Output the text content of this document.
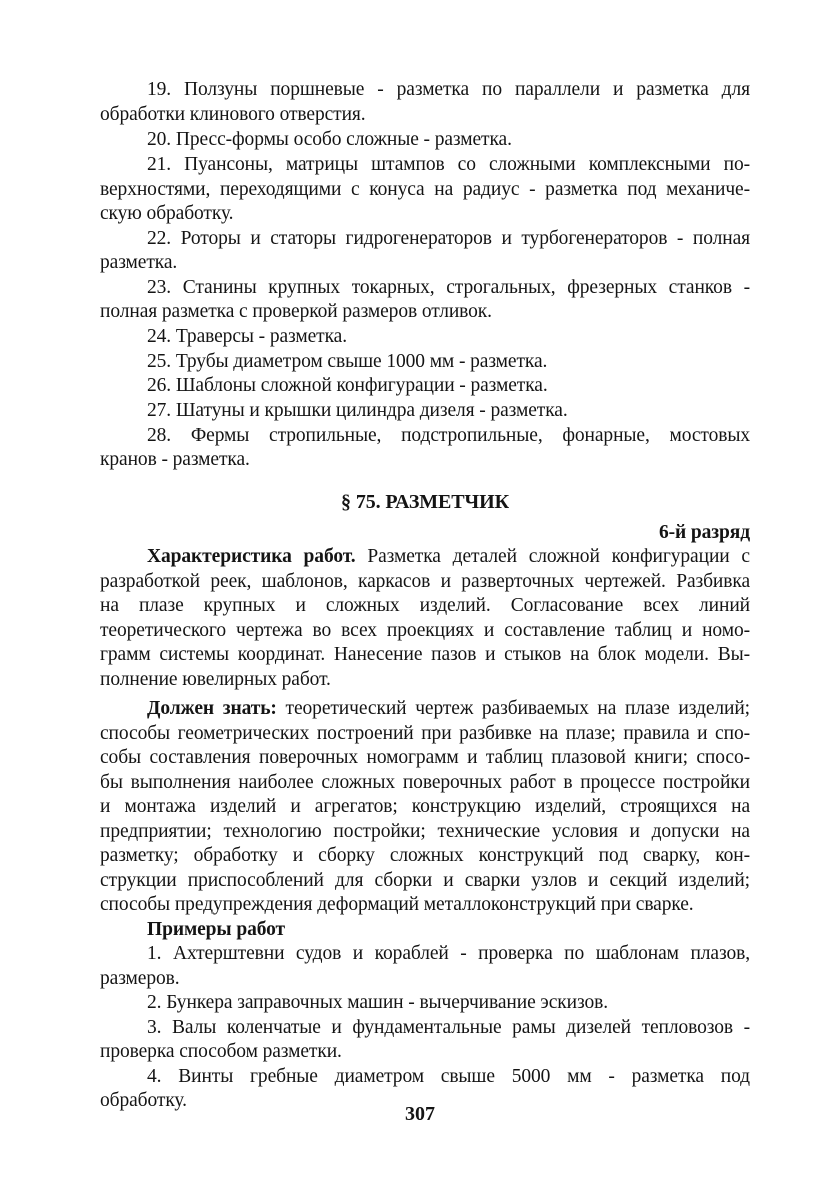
19. Ползуны поршневые - разметка по параллели и разметка для
обработки клинового отверстия.
20. Пресс-формы особо сложные - разметка.
21. Пуансоны, матрицы штампов со сложными комплексными по-
верхностями, переходящими с конуса на радиус - разметка под механиче-
скую обработку.
22. Роторы и статоры гидрогенераторов и турбогенераторов - полная
разметка.
23. Станины крупных токарных, строгальных, фрезерных станков -
полная разметка с проверкой размеров отливок.
24. Траверсы - разметка.
25. Трубы диаметром свыше 1000 мм - разметка.
26. Шаблоны сложной конфигурации - разметка.
27. Шатуны и крышки цилиндра дизеля - разметка.
28. Фермы стропильные, подстропильные, фонарные, мостовых
кранов - разметка.
§ 75. РАЗМЕТЧИК
6-й разряд
Характеристика работ. Разметка деталей сложной конфигурации с
разработкой реек, шаблонов, каркасов и разверточных чертежей. Разбивка
на плазе крупных и сложных изделий. Согласование всех линий
теоретического чертежа во всех проекциях и составление таблиц и номо-
грамм системы координат. Нанесение пазов и стыков на блок модели. Вы-
полнение ювелирных работ.
Должен знать: теоретический чертеж разбиваемых на плазе изделий;
способы геометрических построений при разбивке на плазе; правила и спо-
собы составления поверочных номограмм и таблиц плазовой книги; спосо-
бы выполнения наиболее сложных поверочных работ в процессе постройки
и монтажа изделий и агрегатов; конструкцию изделий, строящихся на
предприятии; технологию постройки; технические условия и допуски на
разметку; обработку и сборку сложных конструкций под сварку, кон-
струкции приспособлений для сборки и сварки узлов и секций изделий;
способы предупреждения деформаций металлоконструкций при сварке.
Примеры работ
1. Ахтерштевни судов и кораблей - проверка по шаблонам плазов,
размеров.
2. Бункера заправочных машин - вычерчивание эскизов.
3. Валы коленчатые и фундаментальные рамы дизелей тепловозов -
проверка способом разметки.
4. Винты гребные диаметром свыше 5000 мм - разметка под
обработку.
307
